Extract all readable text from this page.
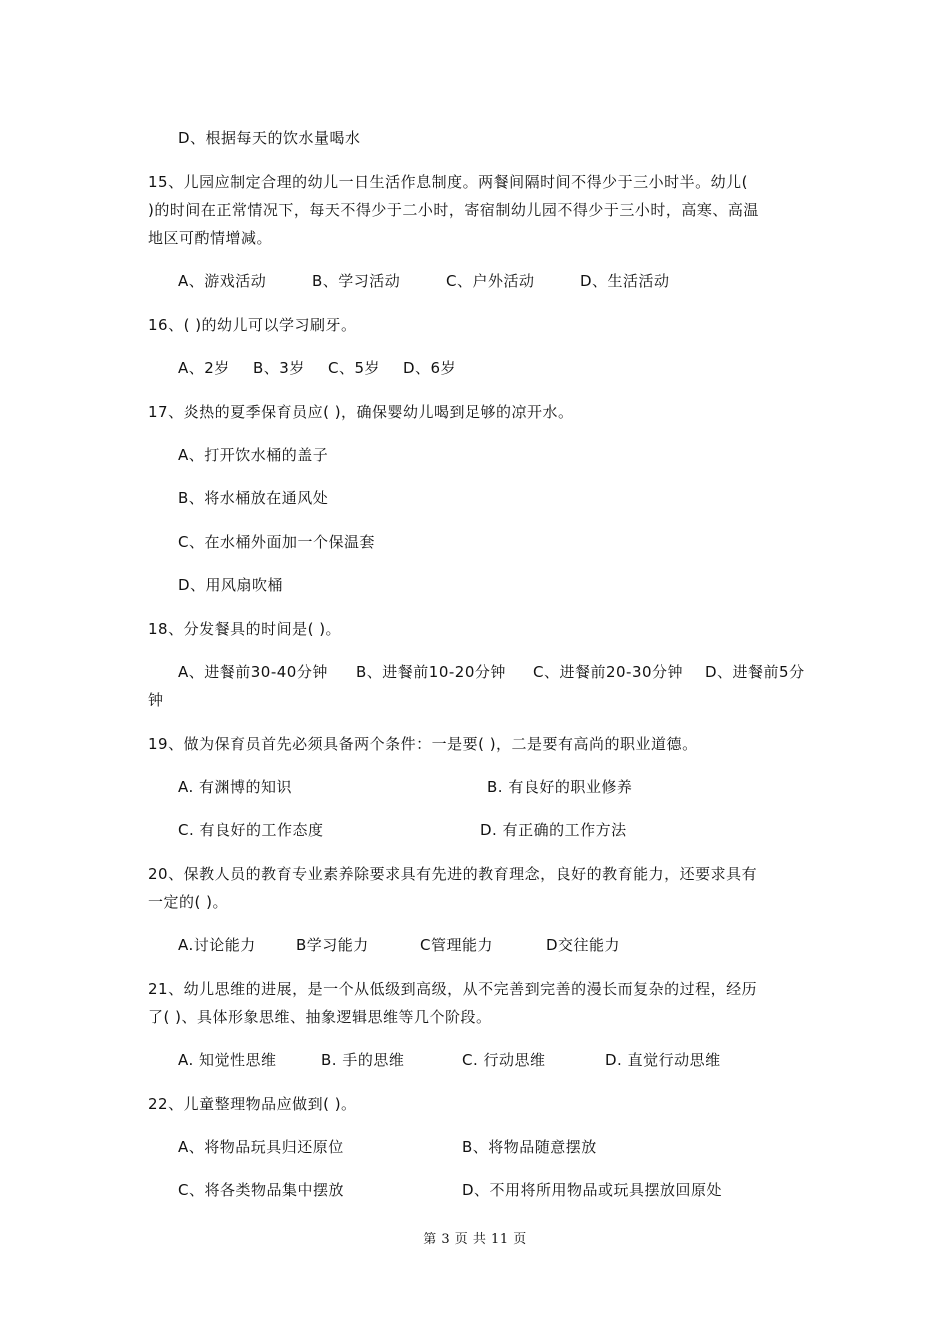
D、根据每天的饮水量喝水
15、儿园应制定合理的幼儿一日生活作息制度。两餐间隔时间不得少于三小时半。幼儿(
)的时间在正常情况下，每天不得少于二小时，寄宿制幼儿园不得少于三小时，高寒、高温
地区可酌情增减。
A、游戏活动	B、学习活动	C、户外活动	D、生活活动
16、( )的幼儿可以学习刷牙。
A、2岁 B、3岁 C、5岁 D、6岁
17、炎热的夏季保育员应( )，确保婴幼儿喝到足够的凉开水。
A、打开饮水桶的盖子
B、将水桶放在通风处
C、在水桶外面加一个保温套
D、用风扇吹桶
18、分发餐具的时间是( )。
A、进餐前30-40分钟 B、进餐前10-20分钟 C、进餐前20-30分钟 D、进餐前5分
钟
19、做为保育员首先必须具备两个条件：一是要( )，二是要有高尚的职业道德。
A. 有渊博的知识	B. 有良好的职业修养
C. 有良好的工作态度	D. 有正确的工作方法
20、保教人员的教育专业素养除要求具有先进的教育理念，良好的教育能力，还要求具有
一定的( )。
A.讨论能力	B学习能力	C管理能力	D交往能力
21、幼儿思维的进展，是一个从低级到高级，从不完善到完善的漫长而复杂的过程，经历
了( )、具体形象思维、抽象逻辑思维等几个阶段。
A. 知觉性思维	B. 手的思维	C. 行动思维	D. 直觉行动思维
22、儿童整理物品应做到( )。
A、将物品玩具归还原位	B、将物品随意摆放
C、将各类物品集中摆放	D、不用将所用物品或玩具摆放回原处
第 3 页 共 11 页
